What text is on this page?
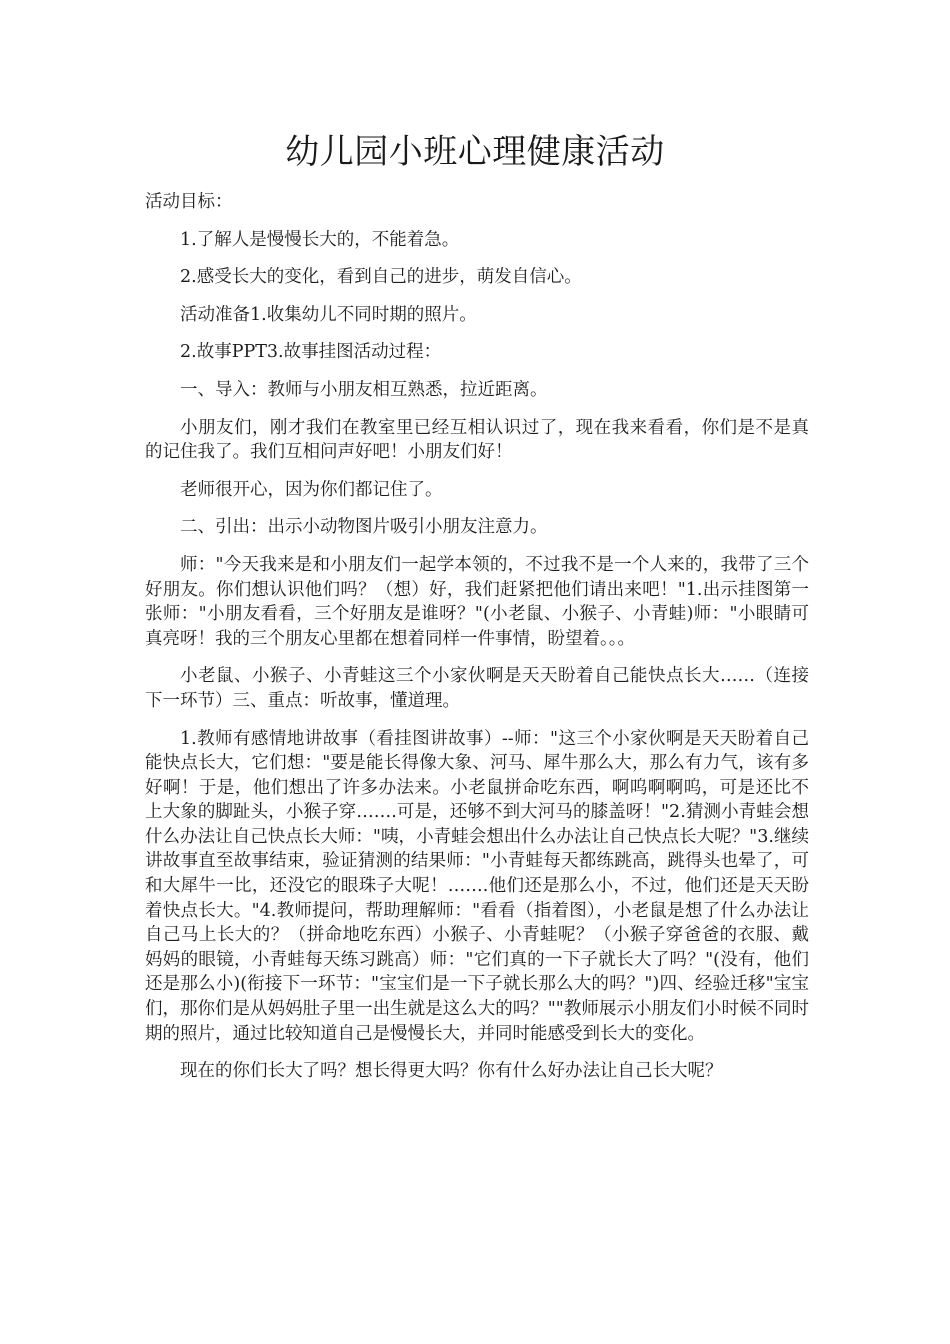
幼儿园小班心理健康活动

活动目标：

1.了解人是慢慢长大的，不能着急。

2.感受长大的变化，看到自己的进步，萌发自信心。

活动准备1.收集幼儿不同时期的照片。

2.故事PPT3.故事挂图活动过程：

一、导入：教师与小朋友相互熟悉，拉近距离。

小朋友们，刚才我们在教室里已经互相认识过了，现在我来看看，你们是不是真的记住我了。我们互相问声好吧！小朋友们好！

老师很开心，因为你们都记住了。

二、引出：出示小动物图片吸引小朋友注意力。

师："今天我来是和小朋友们一起学本领的，不过我不是一个人来的，我带了三个好朋友。你们想认识他们吗？（想）好，我们赶紧把他们请出来吧！"1.出示挂图第一张师："小朋友看看，三个好朋友是谁呀？"(小老鼠、小猴子、小青蛙)师："小眼睛可真亮呀！我的三个朋友心里都在想着同样一件事情，盼望着。。。

小老鼠、小猴子、小青蛙这三个小家伙啊是天天盼着自己能快点长大……（连接下一环节）三、重点：听故事，懂道理。

1.教师有感情地讲故事（看挂图讲故事）--师："这三个小家伙啊是天天盼着自己能快点长大，它们想："要是能长得像大象、河马、犀牛那么大，那么有力气，该有多好啊！于是，他们想出了许多办法来。小老鼠拼命吃东西，啊呜啊啊呜，可是还比不上大象的脚趾头，小猴子穿…….可是，还够不到大河马的膝盖呀！"2.猜测小青蛙会想什么办法让自己快点长大师："咦，小青蛙会想出什么办法让自己快点长大呢？"3.继续讲故事直至故事结束，验证猜测的结果师："小青蛙每天都练跳高，跳得头也晕了，可和大犀牛一比，还没它的眼珠子大呢！…….他们还是那么小，不过，他们还是天天盼着快点长大。"4.教师提问，帮助理解师："看看（指着图），小老鼠是想了什么办法让自己马上长大的？（拼命地吃东西）小猴子、小青蛙呢？（小猴子穿爸爸的衣服、戴妈妈的眼镜，小青蛙每天练习跳高）师："它们真的一下子就长大了吗？"(没有，他们还是那么小)(衔接下一环节："宝宝们是一下子就长那么大的吗？")四、经验迁移"宝宝们，那你们是从妈妈肚子里一出生就是这么大的吗？""教师展示小朋友们小时候不同时期的照片，通过比较知道自己是慢慢长大，并同时能感受到长大的变化。

现在的你们长大了吗？想长得更大吗？你有什么好办法让自己长大呢？
